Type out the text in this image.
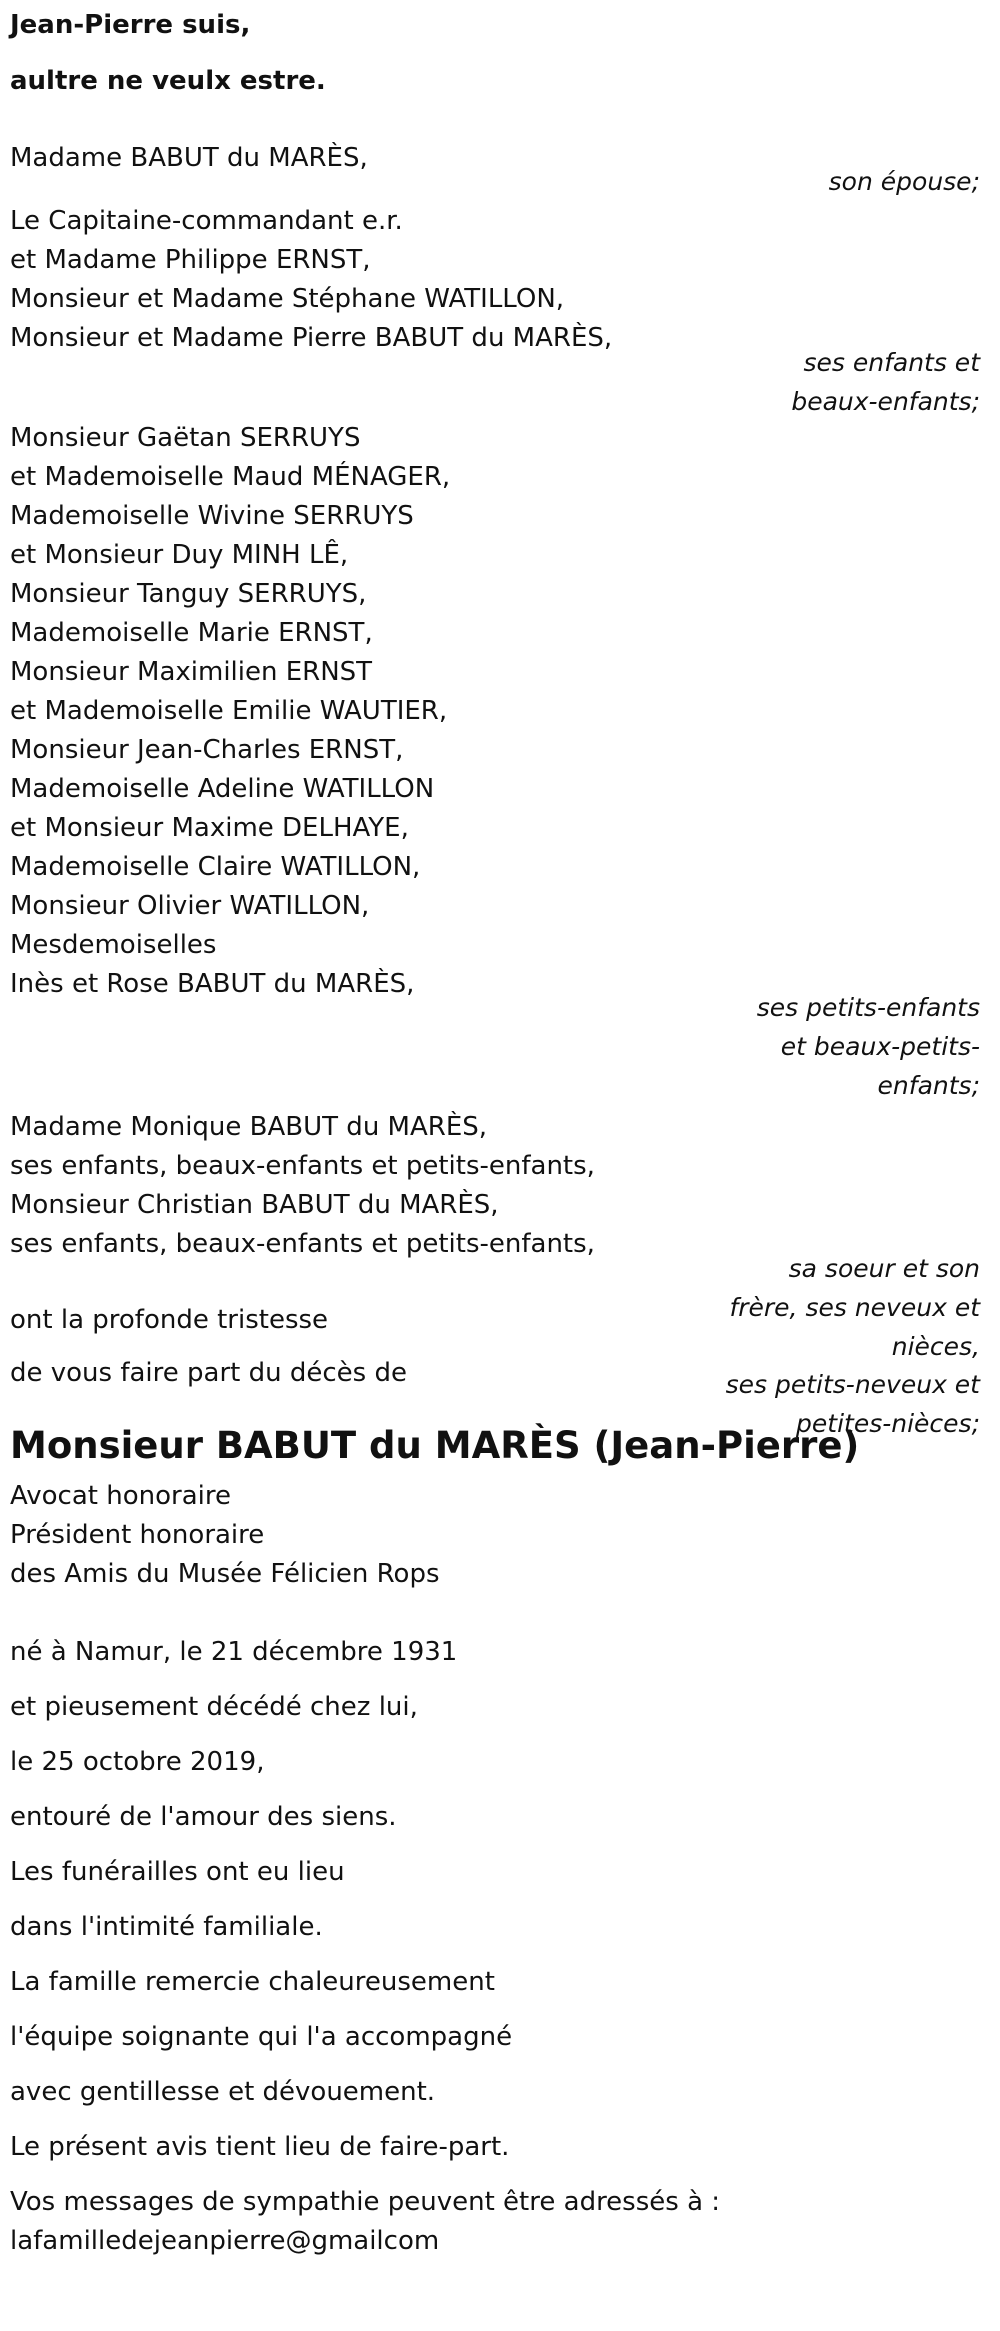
Jean-Pierre suis,
aultre ne veulx estre.
Madame BABUT du MARÈS,
son épouse;
Le Capitaine-commandant e.r.
et Madame Philippe ERNST,
Monsieur et Madame Stéphane WATILLON,
Monsieur et Madame Pierre BABUT du MARÈS,
ses enfants et
beaux-enfants;
Monsieur Gaëtan SERRUYS
et Mademoiselle Maud MÉNAGER,
Mademoiselle Wivine SERRUYS
et Monsieur Duy MINH LÊ,
Monsieur Tanguy SERRUYS,
Mademoiselle Marie ERNST,
Monsieur Maximilien ERNST
et Mademoiselle Emilie WAUTIER,
Monsieur Jean-Charles ERNST,
Mademoiselle Adeline WATILLON
et Monsieur Maxime DELHAYE,
Mademoiselle Claire WATILLON,
Monsieur Olivier WATILLON,
Mesdemoiselles
Inès et Rose BABUT du MARÈS,
ses petits-enfants
et beaux-petits-
enfants;
Madame Monique BABUT du MARÈS,
ses enfants, beaux-enfants et petits-enfants,
Monsieur Christian BABUT du MARÈS,
ses enfants, beaux-enfants et petits-enfants,
sa soeur et son
frère, ses neveux et
nièces,
ses petits-neveux et
petites-nièces;
ont la profonde tristesse
de vous faire part du décès de
Monsieur BABUT du MARÈS (Jean-Pierre)
Avocat honoraire
Président honoraire
des Amis du Musée Félicien Rops
né à Namur, le 21 décembre 1931
et pieusement décédé chez lui,
le 25 octobre 2019,
entouré de l'amour des siens.
Les funérailles ont eu lieu
dans l'intimité familiale.
La famille remercie chaleureusement
l'équipe soignante qui l'a accompagné
avec gentillesse et dévouement.
Le présent avis tient lieu de faire-part.
Vos messages de sympathie peuvent être adressés à :
lafamilledejeanpierre@gmailcom
